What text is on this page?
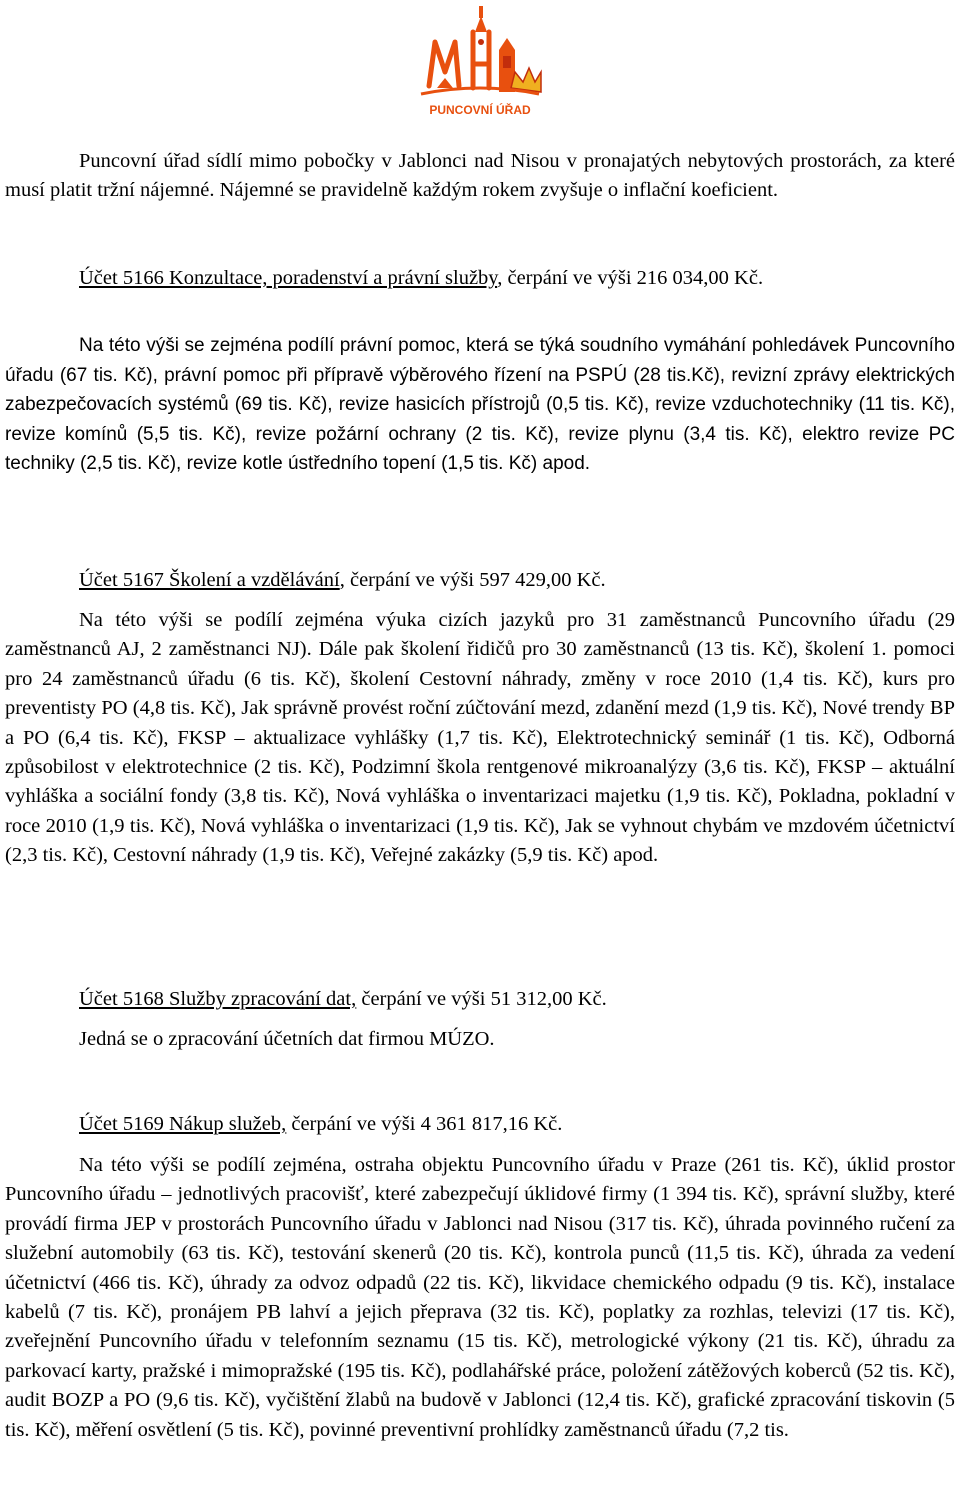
PUNCOVNÍ ÚŘAD

Puncovní úřad sídlí mimo pobočky v Jablonci nad Nisou v pronajatých nebytových prostorách, za které musí platit tržní nájemné. Nájemné se pravidelně každým rokem zvyšuje o inflační koeficient.

Účet 5166 Konzultace, poradenství a právní služby, čerpání ve výši 216 034,00 Kč.

Na této výši se zejména podílí právní pomoc, která se týká soudního vymáhání pohledávek Puncovního úřadu (67 tis. Kč), právní pomoc při přípravě výběrového řízení na PSPÚ (28 tis.Kč), revizní zprávy elektrických zabezpečovacích systémů (69 tis. Kč), revize hasicích přístrojů (0,5 tis. Kč), revize vzduchotechniky (11 tis. Kč), revize komínů (5,5 tis. Kč), revize požární ochrany (2 tis. Kč), revize plynu (3,4 tis. Kč), elektro revize PC techniky (2,5 tis. Kč), revize kotle ústředního topení (1,5 tis. Kč) apod.

Účet 5167 Školení a vzdělávání, čerpání ve výši 597 429,00 Kč.

Na této výši se podílí zejména výuka cizích jazyků pro 31 zaměstnanců Puncovního úřadu (29 zaměstnanců AJ, 2 zaměstnanci NJ). Dále pak školení řidičů pro 30 zaměstnanců (13 tis. Kč), školení 1. pomoci pro 24 zaměstnanců úřadu (6 tis. Kč), školení Cestovní náhrady, změny v roce 2010 (1,4 tis. Kč), kurs pro preventisty PO (4,8 tis. Kč), Jak správně provést roční zúčtování mezd, zdanění mezd (1,9 tis. Kč), Nové trendy BP a PO (6,4 tis. Kč), FKSP – aktualizace vyhlášky (1,7 tis. Kč), Elektrotechnický seminář (1 tis. Kč), Odborná způsobilost v elektrotechnice (2 tis. Kč), Podzimní škola rentgenové mikroanalýzy (3,6 tis. Kč), FKSP – aktuální vyhláška a sociální fondy (3,8 tis. Kč), Nová vyhláška o inventarizaci majetku (1,9 tis. Kč), Pokladna, pokladní v roce 2010 (1,9 tis. Kč), Nová vyhláška o inventarizaci (1,9 tis. Kč), Jak se vyhnout chybám ve mzdovém účetnictví (2,3 tis. Kč), Cestovní náhrady (1,9 tis. Kč), Veřejné zakázky (5,9 tis. Kč) apod.

Účet 5168 Služby zpracování dat, čerpání ve výši 51 312,00 Kč.

Jedná se o zpracování účetních dat firmou MÚZO.

Účet 5169 Nákup služeb, čerpání ve výši 4 361 817,16 Kč.

Na této výši se podílí zejména, ostraha objektu Puncovního úřadu v Praze (261 tis. Kč), úklid prostor Puncovního úřadu – jednotlivých pracovišť, které zabezpečují úklidové firmy (1 394 tis. Kč), správní služby, které provádí firma JEP v prostorách Puncovního úřadu v Jablonci nad Nisou (317 tis. Kč), úhrada povinného ručení za služební automobily (63 tis. Kč), testování skenerů (20 tis. Kč), kontrola punců (11,5 tis. Kč), úhrada za vedení účetnictví (466 tis. Kč), úhrady za odvoz odpadů (22 tis. Kč), likvidace chemického odpadu (9 tis. Kč), instalace kabelů (7 tis. Kč), pronájem PB lahví a jejich přeprava (32 tis. Kč), poplatky za rozhlas, televizi (17 tis. Kč), zveřejnění Puncovního úřadu v telefonním seznamu (15 tis. Kč), metrologické výkony (21 tis. Kč), úhradu za parkovací karty, pražské i mimopražské (195 tis. Kč), podlahářské práce, položení zátěžových koberců (52 tis. Kč), audit BOZP a PO (9,6 tis. Kč), vyčištění žlabů na budově v Jablonci (12,4 tis. Kč), grafické zpracování tiskovin (5 tis. Kč), měření osvětlení (5 tis. Kč), povinné preventivní prohlídky zaměstnanců úřadu (7,2 tis.
